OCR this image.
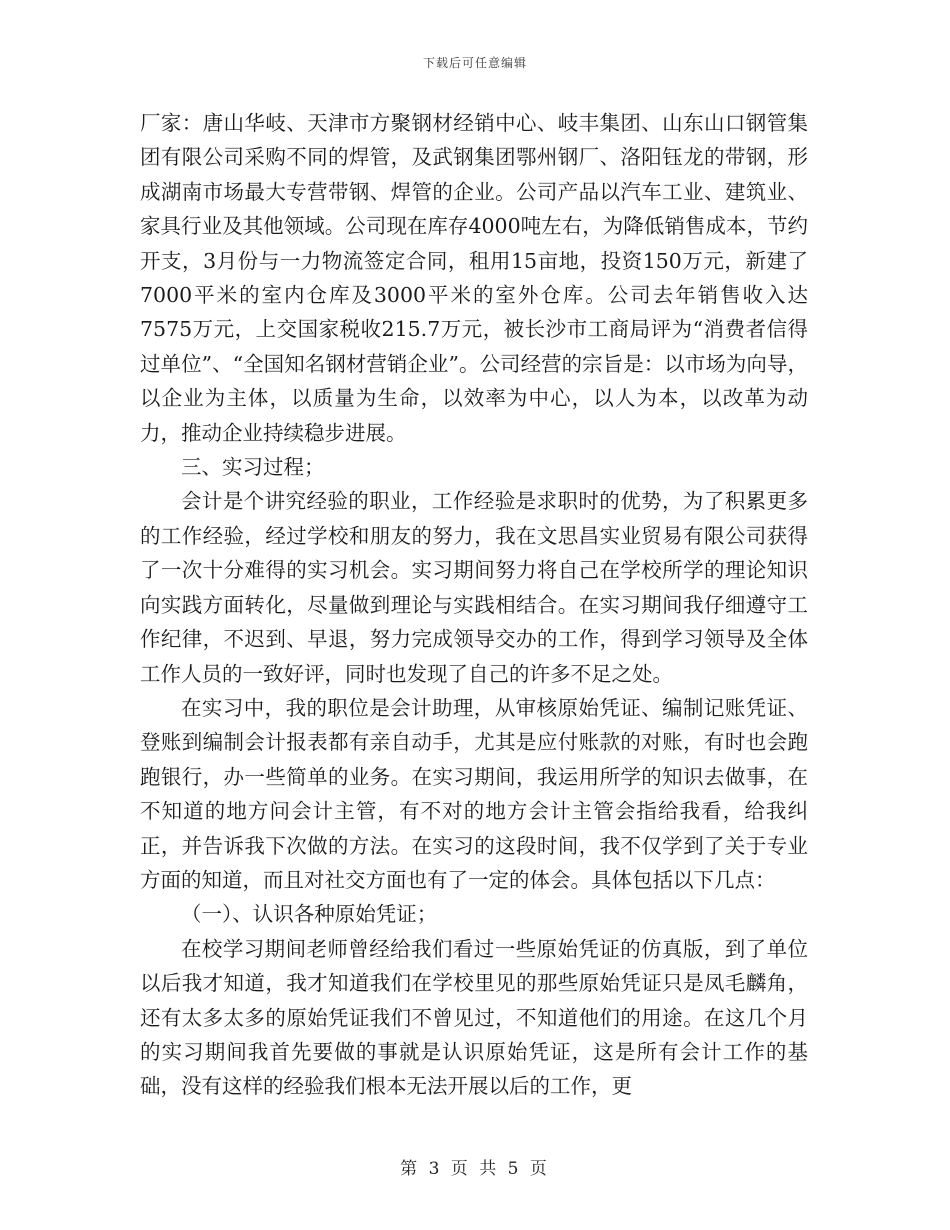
下载后可任意编辑

厂家：唐山华岐、天津市方聚钢材经销中心、岐丰集团、山东山口钢管集团有限公司采购不同的焊管，及武钢集团鄂州钢厂、洛阳钰龙的带钢，形成湖南市场最大专营带钢、焊管的企业。公司产品以汽车工业、建筑业、家具行业及其他领域。公司现在库存4000吨左右，为降低销售成本，节约开支，3月份与一力物流签定合同，租用15亩地，投资150万元，新建了7000平米的室内仓库及3000平米的室外仓库。公司去年销售收入达7575万元，上交国家税收215.7万元，被长沙市工商局评为“消费者信得过单位”、“全国知名钢材营销企业”。公司经营的宗旨是：以市场为向导，以企业为主体，以质量为生命，以效率为中心，以人为本，以改革为动力，推动企业持续稳步进展。

三、实习过程；

会计是个讲究经验的职业，工作经验是求职时的优势，为了积累更多的工作经验，经过学校和朋友的努力，我在文思昌实业贸易有限公司获得了一次十分难得的实习机会。实习期间努力将自己在学校所学的理论知识向实践方面转化，尽量做到理论与实践相结合。在实习期间我仔细遵守工作纪律，不迟到、早退，努力完成领导交办的工作，得到学习领导及全体工作人员的一致好评，同时也发现了自己的许多不足之处。

在实习中，我的职位是会计助理，从审核原始凭证、编制记账凭证、登账到编制会计报表都有亲自动手，尤其是应付账款的对账，有时也会跑跑银行，办一些简单的业务。在实习期间，我运用所学的知识去做事，在不知道的地方问会计主管，有不对的地方会计主管会指给我看，给我纠正，并告诉我下次做的方法。在实习的这段时间，我不仅学到了关于专业方面的知道，而且对社交方面也有了一定的体会。具体包括以下几点：

（一）、认识各种原始凭证；

在校学习期间老师曾经给我们看过一些原始凭证的仿真版，到了单位以后我才知道，我才知道我们在学校里见的那些原始凭证只是凤毛麟角，还有太多太多的原始凭证我们不曾见过，不知道他们的用途。在这几个月的实习期间我首先要做的事就是认识原始凭证，这是所有会计工作的基础，没有这样的经验我们根本无法开展以后的工作，更

第 3 页 共 5 页
